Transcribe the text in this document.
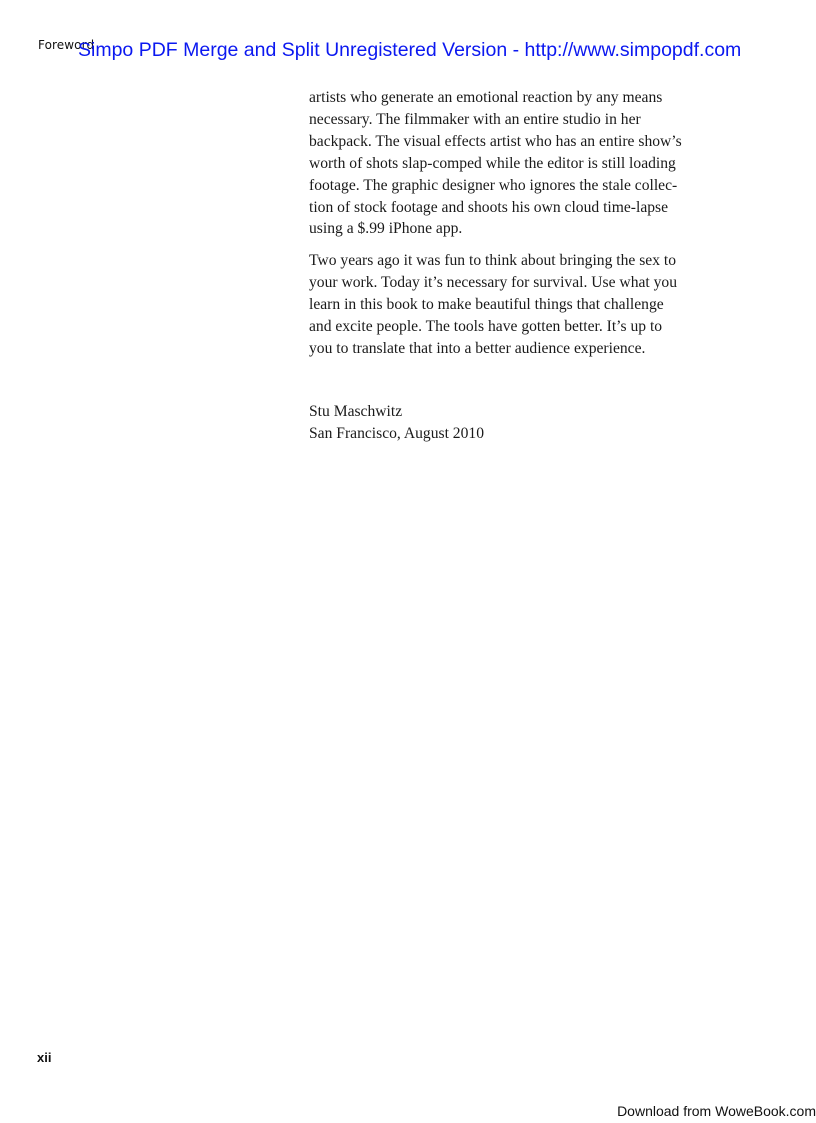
Foreword
Simpo PDF Merge and Split Unregistered Version - http://www.simpopdf.com

artists who generate an emotional reaction by any means
necessary. The filmmaker with an entire studio in her
backpack. The visual effects artist who has an entire show’s
worth of shots slap-comped while the editor is still loading
footage. The graphic designer who ignores the stale collec-
tion of stock footage and shoots his own cloud time-lapse
using a $.99 iPhone app.

Two years ago it was fun to think about bringing the sex to
your work. Today it’s necessary for survival. Use what you
learn in this book to make beautiful things that challenge
and excite people. The tools have gotten better. It’s up to
you to translate that into a better audience experience.

Stu Maschwitz
San Francisco, August 2010
xii
Download from WoweBook.com
